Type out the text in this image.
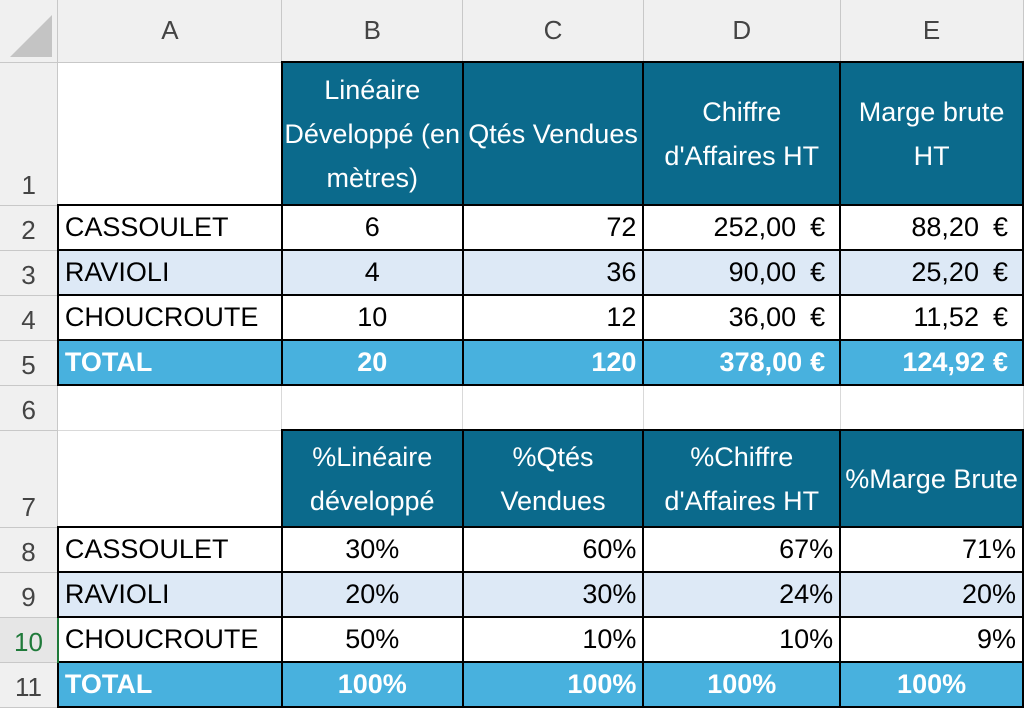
	A	B	C	D	E
1		Linéaire Développé (en mètres)	Qtés Vendues	Chiffre d'Affaires HT	Marge brute HT
2	CASSOULET	6	72	252,00 €	88,20 €

3	RAVIOLI	4	36	90,00 €	25,20 €

4	CHOUCROUTE	10	12	36,00 €	11,52 €

5	TOTAL	20	120	378,00 €	124,92 €

6					
7		%Linéaire développé	%Qtés Vendues	%Chiffre d'Affaires HT	%Marge Brute
8	CASSOULET	30%	60%	67%	71%
9	RAVIOLI	20%	30%	24%	20%
10	CHOUCROUTE	50%	10%	10%	9%
11	TOTAL	100%	100%	100%	100%
